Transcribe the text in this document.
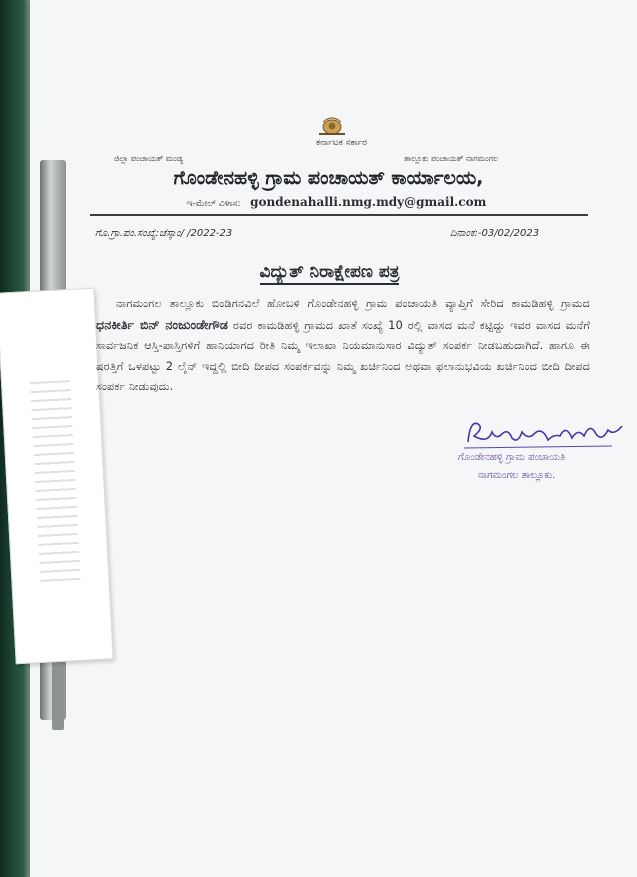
ಕರ್ನಾಟಕ ಸರ್ಕಾರ
ಜಿಲ್ಲಾ ಪಂಚಾಯತ್ ಮಂಡ್ಯ	ತಾಲ್ಲೂಕು ಪಂಚಾಯತ್ ನಾಗಮಂಗಲ
ಗೊಂಡೇನಹಳ್ಳಿ ಗ್ರಾಮ ಪಂಚಾಯತ್ ಕಾರ್ಯಾಲಯ,
ಇ-ಮೇಲ್ ವಿಳಾಸ: gondenahalli.nmg.mdy@gmail.com
ಗೊ.ಗ್ರಾ.ಪಂ.ಸಂಖ್ಯೆ:ಚೆಸ್ಕಾಂ/ /2022-23	ದಿನಾಂಕ:-03/02/2023
ವಿದ್ಯುತ್ ನಿರಾಕ್ಷೇಪಣ ಪತ್ರ

ನಾಗಮಂಗಲ ತಾಲ್ಲೂಕು ಬಿಂಡಿಗನವಿಲೆ ಹೋಬಳಿ ಗೊಂಡೇನಹಳ್ಳಿ ಗ್ರಾಮ ಪಂಚಾಯತಿ ವ್ಯಾಪ್ತಿಗೆ ಸೇರಿದ ಕಾಮಡಿಹಳ್ಳಿ ಗ್ರಾಮದ ಧನಕೀರ್ತಿ ಬಿನ್ ನಂಜುಂಡೇಗೌಡ ರವರ ಕಾಮಡಿಹಳ್ಳಿ ಗ್ರಾಮದ ಖಾತೆ ಸಂಖ್ಯೆ 10 ರಲ್ಲಿ ವಾಸದ ಮನೆ ಕಟ್ಟಿದ್ದು ಇವರ ವಾಸದ ಮನೆಗೆ ಸಾರ್ವಜನಿಕ ಆಸ್ತಿ-ಪಾಸ್ತಿಗಳಿಗೆ ಹಾನಿಯಾಗದ ರೀತಿ ನಿಮ್ಮ ಇಲಾಖಾ ನಿಯಮಾನುಸಾರ ವಿದ್ಯುತ್ ಸಂಪರ್ಕ ನೀಡಬಹುದಾಗಿದೆ. ಹಾಗೂ ಈ ಷರತ್ತಿಗೆ ಒಳಪಟ್ಟು 2 ಲೈನ್ ಇದ್ದಲ್ಲಿ ಬೀದಿ ದೀಪದ ಸಂಪರ್ಕವನ್ನು ನಿಮ್ಮ ಖರ್ಚಿನಿಂದ ಅಥವಾ ಫಲಾನುಭವಿಯ ಖರ್ಚಿನಿಂದ ಬೀದಿ ದೀಪದ ಸಂಪರ್ಕ ನೀಡುವುದು.

ಗೊಂಡೇನಹಳ್ಳಿ ಗ್ರಾಮ ಪಂಚಾಯತಿ
ನಾಗಮಂಗಲ ತಾಲ್ಲೂಕು.
